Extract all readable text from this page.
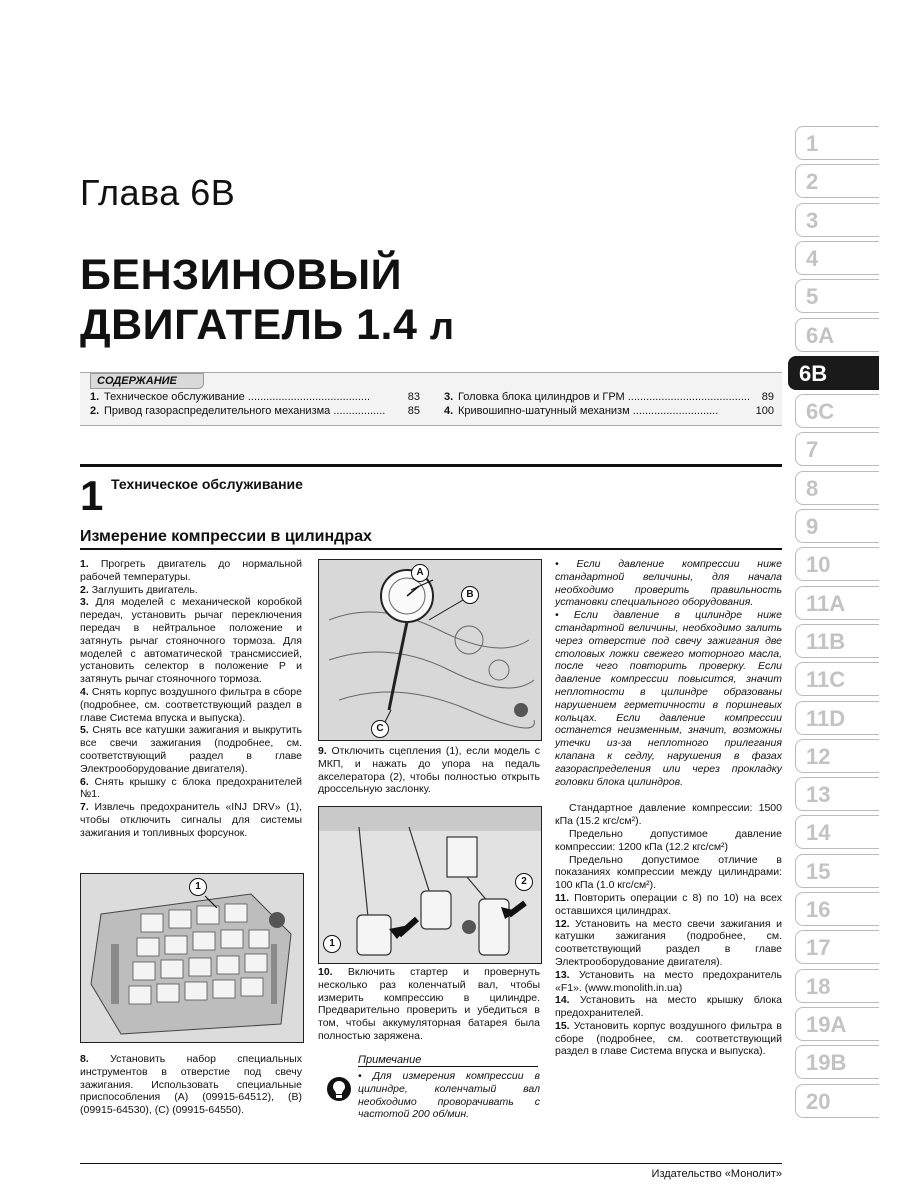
Глава 6В
БЕНЗИНОВЫЙ
ДВИГАТЕЛЬ 1.4 л
СОДЕРЖАНИЕ
1. Техническое обслуживание ........................................	83
2. Привод газораспределительного механизма ................. 85
3. Головка блока цилиндров и ГРМ ........................................ 89
4. Кривошипно-шатунный механизм ............................	100
1
2
3
4
5
6A
6B
6C
7
8
9
10
11A
11B
11C
11D
12
13
14
15
16
17
18
19A
19B
20
1 Техническое обслуживание
Измерение компрессии в цилиндрах

1. Прогреть двигатель до нормальной рабочей температуры.

2. Заглушить двигатель.

3. Для моделей с механической коробкой передач, установить рычаг переключения передач в нейтральное положение и затянуть рычаг стояночного тормоза. Для моделей с автоматической трансмиссией, установить селектор в положение P и затянуть рычаг стояночного тормоза.

4. Снять корпус воздушного фильтра в сборе (подробнее, см. соответствующий раздел в главе Система впуска и выпуска).

5. Снять все катушки зажигания и выкрутить все свечи зажигания (подробнее, см. соответствующий раздел в главе Электрооборудование двигателя).

6. Снять крышку с блока предохранителей №1.

7. Извлечь предохранитель «INJ DRV» (1), чтобы отключить сигналы для системы зажигания и топливных форсунок.

1

8. Установить набор специальных инструментов в отверстие под свечу зажигания. Использовать специальные приспособления (A) (09915-64512), (B) (09915-64530), (C) (09915-64550).

A
B
C

9. Отключить сцепления (1), если модель с МКП, и нажать до упора на педаль акселератора (2), чтобы полностью открыть дроссельную заслонку.

1
2

10. Включить стартер и провернуть несколько раз коленчатый вал, чтобы измерить компрессию в цилиндре. Предварительно проверить и убедиться в том, чтобы аккумуляторная батарея была полностью заряжена.

Примечание
• Для измерения компрессии в цилиндре, коленчатый вал необходимо проворачивать с частотой 200 об/мин.

• Если давление компрессии ниже стандартной величины, для начала необходимо проверить правильность установки специального оборудования.

• Если давление в цилиндре ниже стандартной величины, необходимо залить через отверстие под свечу зажигания две столовых ложки свежего моторного масла, после чего повторить проверку. Если давление компрессии повысится, значит неплотности в цилиндре образованы нарушением герметичности в поршневых кольцах. Если давление компрессии останется неизменным, значит, возможны утечки из-за неплотного прилегания клапана к седлу, нарушения в фазах газораспределения или через прокладку головки блока цилиндров.

Стандартное давление компрессии: 1500 кПа (15.2 кгс/см²).

Предельно допустимое давление компрессии: 1200 кПа (12.2 кгс/см²)

Предельно допустимое отличие в показаниях компрессии между цилиндрами: 100 кПа (1.0 кгс/см²).

11. Повторить операции с 8) по 10) на всех оставшихся цилиндрах.

12. Установить на место свечи зажигания и катушки зажигания (подробнее, см. соответствующий раздел в главе Электрооборудование двигателя).

13. Установить на место предохранитель «F1». (www.monolith.in.ua)

14. Установить на место крышку блока предохранителей.

15. Установить корпус воздушного фильтра в сборе (подробнее, см. соответствующий раздел в главе Система впуска и выпуска).

Издательство «Монолит»
